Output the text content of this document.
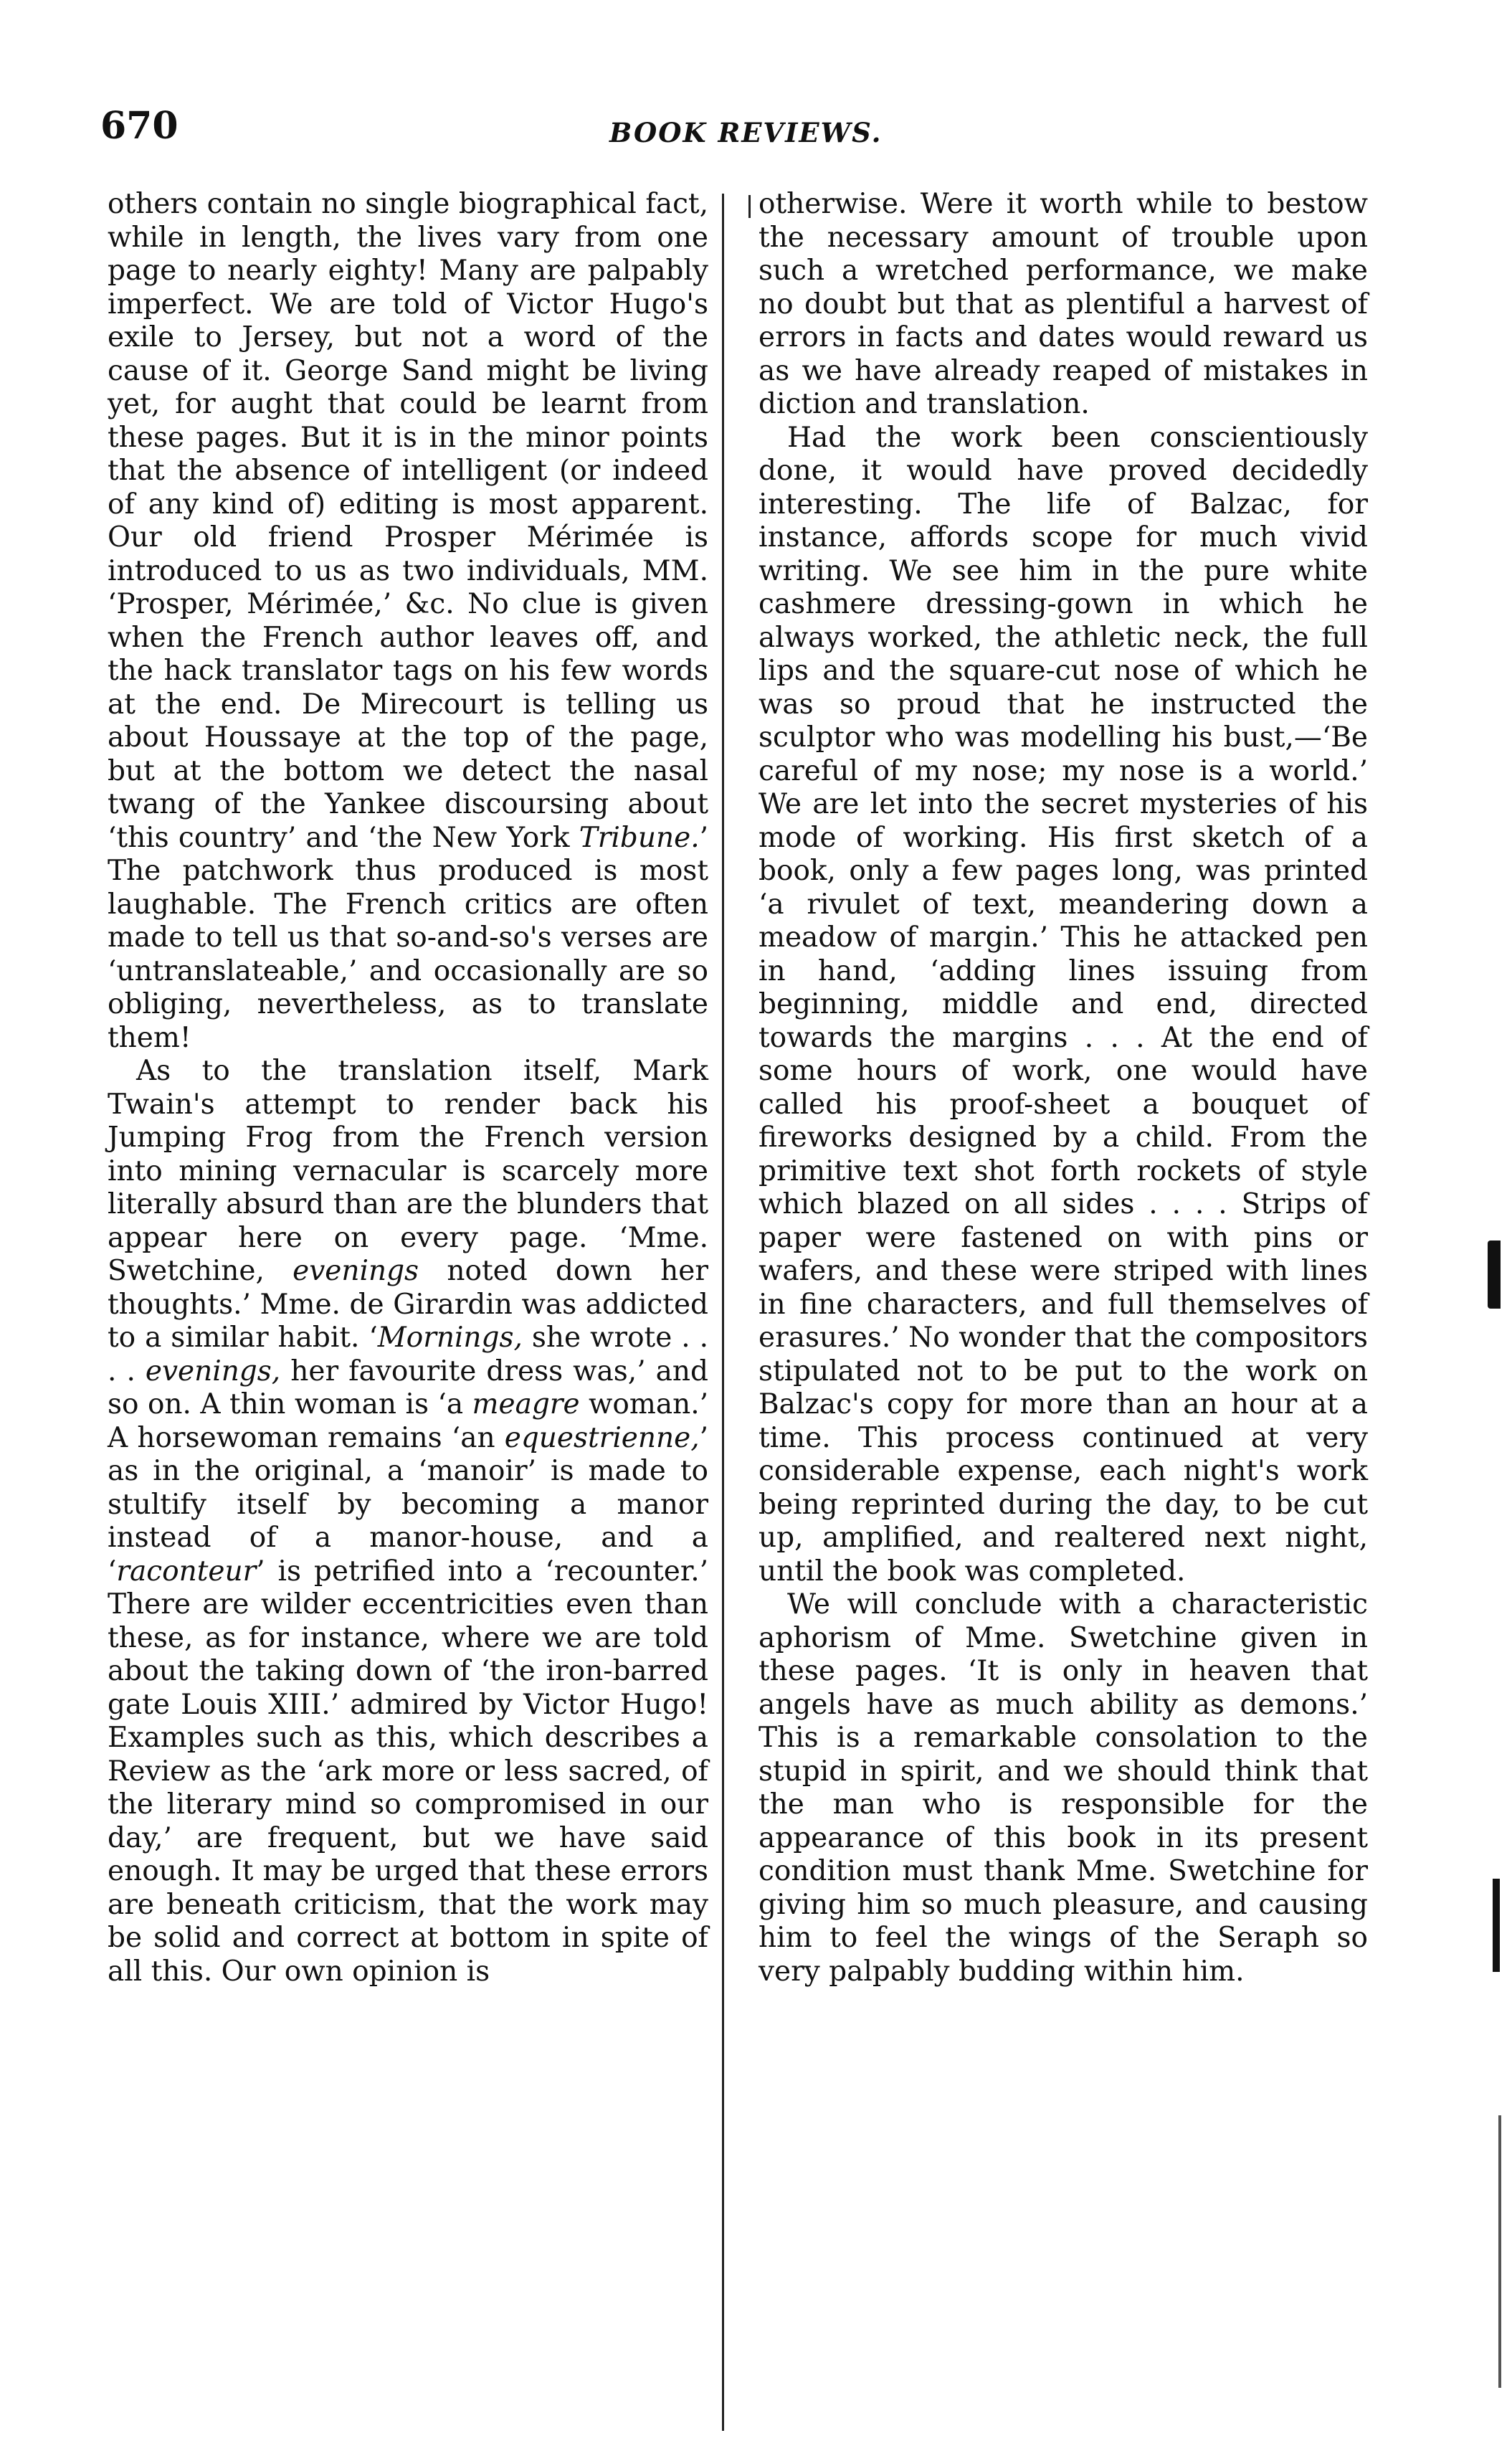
670	BOOK REVIEWS.

others contain no single biographical fact, while in length, the lives vary from one page to nearly eighty! Many are palpably imperfect. We are told of Victor Hugo's exile to Jersey, but not a word of the cause of it. George Sand might be living yet, for aught that could be learnt from these pages. But it is in the minor points that the absence of intelligent (or indeed of any kind of) editing is most apparent. Our old friend Prosper Mérimée is introduced to us as two individuals, MM. ‘Prosper, Mérimée,’ &c. No clue is given when the French author leaves off, and the hack translator tags on his few words at the end. De Mirecourt is telling us about Houssaye at the top of the page, but at the bottom we detect the nasal twang of the Yankee discoursing about ‘this country’ and ‘the New York Tribune.’ The patchwork thus produced is most laughable. The French critics are often made to tell us that so-and-so's verses are ‘untranslateable,’ and occasionally are so obliging, nevertheless, as to translate them!

As to the translation itself, Mark Twain's attempt to render back his Jumping Frog from the French version into mining vernacular is scarcely more literally absurd than are the blunders that appear here on every page. ‘Mme. Swetchine, evenings noted down her thoughts.’ Mme. de Girardin was addicted to a similar habit. ‘Mornings, she wrote . . . . evenings, her favourite dress was,’ and so on. A thin woman is ‘a meagre woman.’ A horsewoman remains ‘an equestrienne,’ as in the original, a ‘manoir’ is made to stultify itself by becoming a manor instead of a manor-house, and a ‘raconteur’ is petrified into a ‘recounter.’ There are wilder eccentricities even than these, as for instance, where we are told about the taking down of ‘the iron-barred gate Louis XIII.’ admired by Victor Hugo! Examples such as this, which describes a Review as the ‘ark more or less sacred, of the literary mind so compromised in our day,’ are frequent, but we have said enough. It may be urged that these errors are beneath criticism, that the work may be solid and correct at bottom in spite of all this. Our own opinion is

otherwise. Were it worth while to bestow the necessary amount of trouble upon such a wretched performance, we make no doubt but that as plentiful a harvest of errors in facts and dates would reward us as we have already reaped of mistakes in diction and translation.

Had the work been conscientiously done, it would have proved decidedly interesting. The life of Balzac, for instance, affords scope for much vivid writing. We see him in the pure white cashmere dressing-gown in which he always worked, the athletic neck, the full lips and the square-cut nose of which he was so proud that he instructed the sculptor who was modelling his bust,—‘Be careful of my nose; my nose is a world.’ We are let into the secret mysteries of his mode of working. His first sketch of a book, only a few pages long, was printed ‘a rivulet of text, meandering down a meadow of margin.’ This he attacked pen in hand, ‘adding lines issuing from beginning, middle and end, directed towards the margins . . . At the end of some hours of work, one would have called his proof-sheet a bouquet of fireworks designed by a child. From the primitive text shot forth rockets of style which blazed on all sides . . . . Strips of paper were fastened on with pins or wafers, and these were striped with lines in fine characters, and full themselves of erasures.’ No wonder that the compositors stipulated not to be put to the work on Balzac's copy for more than an hour at a time. This process continued at very considerable expense, each night's work being reprinted during the day, to be cut up, amplified, and realtered next night, until the book was completed.

We will conclude with a characteristic aphorism of Mme. Swetchine given in these pages. ‘It is only in heaven that angels have as much ability as demons.’ This is a remarkable consolation to the stupid in spirit, and we should think that the man who is responsible for the appearance of this book in its present condition must thank Mme. Swetchine for giving him so much pleasure, and causing him to feel the wings of the Seraph so very palpably budding within him.
